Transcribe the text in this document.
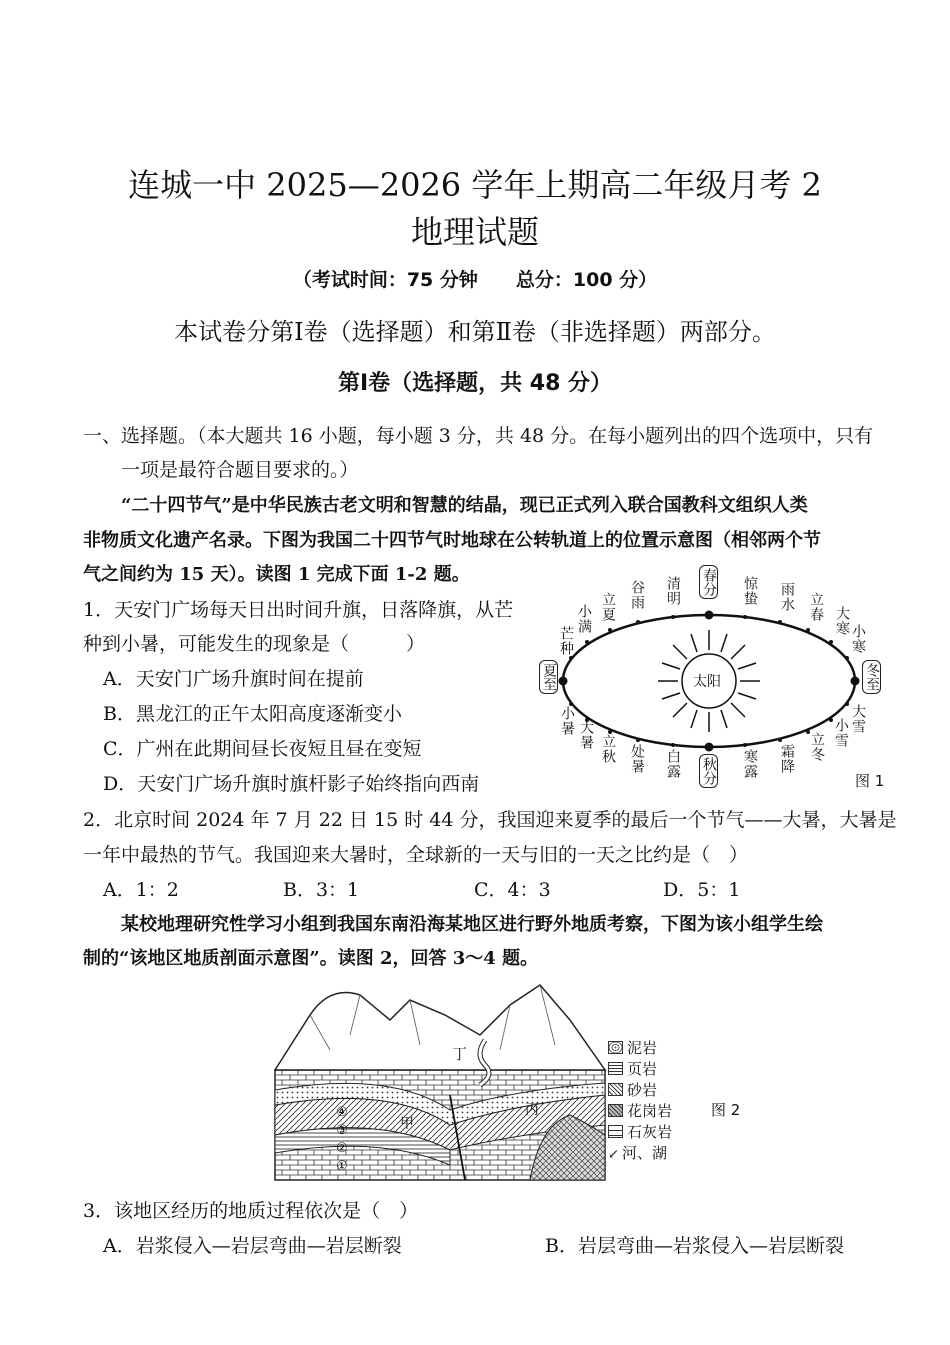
连城一中 2025—2026 学年上期高二年级月考 2
地理试题
（考试时间：75 分钟　　总分：100 分）
本试卷分第Ⅰ卷（选择题）和第Ⅱ卷（非选择题）两部分。
第Ⅰ卷（选择题，共 48 分）
一、选择题。（本大题共 16 小题，每小题 3 分，共 48 分。在每小题列出的四个选项中，只有
一项是最符合题目要求的。）
“二十四节气”是中华民族古老文明和智慧的结晶，现已正式列入联合国教科文组织人类
非物质文化遗产名录。下图为我国二十四节气时地球在公转轨道上的位置示意图（相邻两个节
气之间约为 15 天）。读图 1 完成下面 1-2 题。
1．天安门广场每天日出时间升旗，日落降旗，从芒
种到小暑，可能发生的现象是（　　　）
A．天安门广场升旗时间在提前
B．黑龙江的正午太阳高度逐渐变小
C．广州在此期间昼长夜短且昼在变短
D．天安门广场升旗时旗杆影子始终指向西南
太阳
春分
秋分
夏至	冬至
清明
谷雨
立夏
小满
芒种
小暑 大暑 立秋 处暑 白露
惊蛰 雨水 立春 大寒
小寒
大雪
小雪
立冬
霜降
寒露
图 1
2．北京时间 2024 年 7 月 22 日 15 时 44 分，我国迎来夏季的最后一个节气——大暑，大暑是
一年中最热的节气。我国迎来大暑时，全球新的一天与旧的一天之比约是（　）
A．1：2	B．3：1	C．4：3	D．5：1
某校地理研究性学习小组到我国东南沿海某地区进行野外地质考察，下图为该小组学生绘
制的“该地区地质剖面示意图”。读图 2，回答 3～4 题。
丁
甲
丙
④
③
②
①
泥岩
页岩
砂岩
花岗岩
石灰岩
↙ 河、湖
图 2
3．该地区经历的地质过程依次是（　）
A．岩浆侵入—岩层弯曲—岩层断裂	B．岩层弯曲—岩浆侵入—岩层断裂
